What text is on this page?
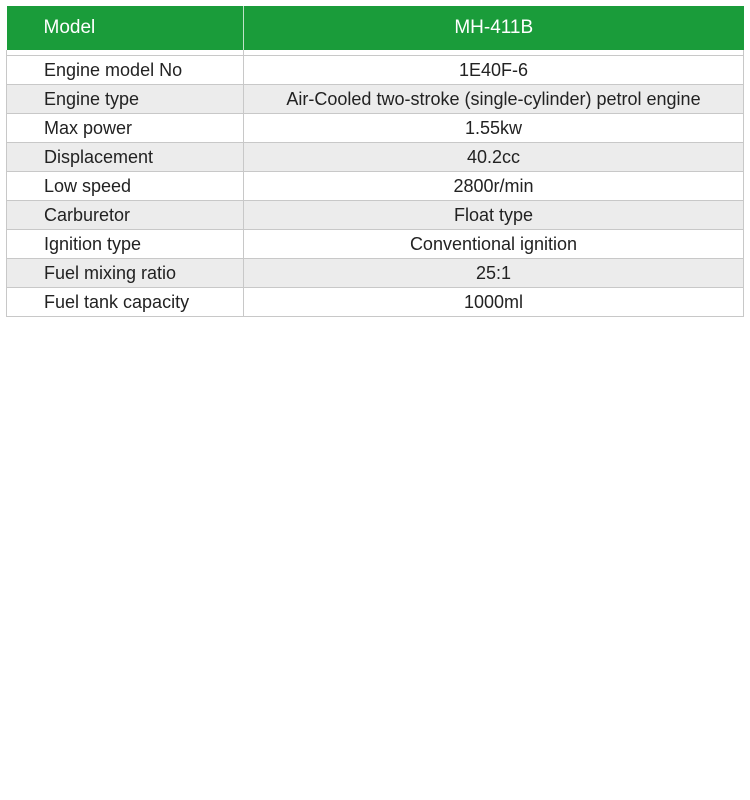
Model	MH-411B

Engine model No	1E40F-6
Engine type	Air-Cooled two-stroke (single-cylinder) petrol engine
Max power	1.55kw
Displacement	40.2cc
Low speed	2800r/min
Carburetor	Float type
Ignition type	Conventional ignition
Fuel mixing ratio	25:1
Fuel tank capacity	1000ml
